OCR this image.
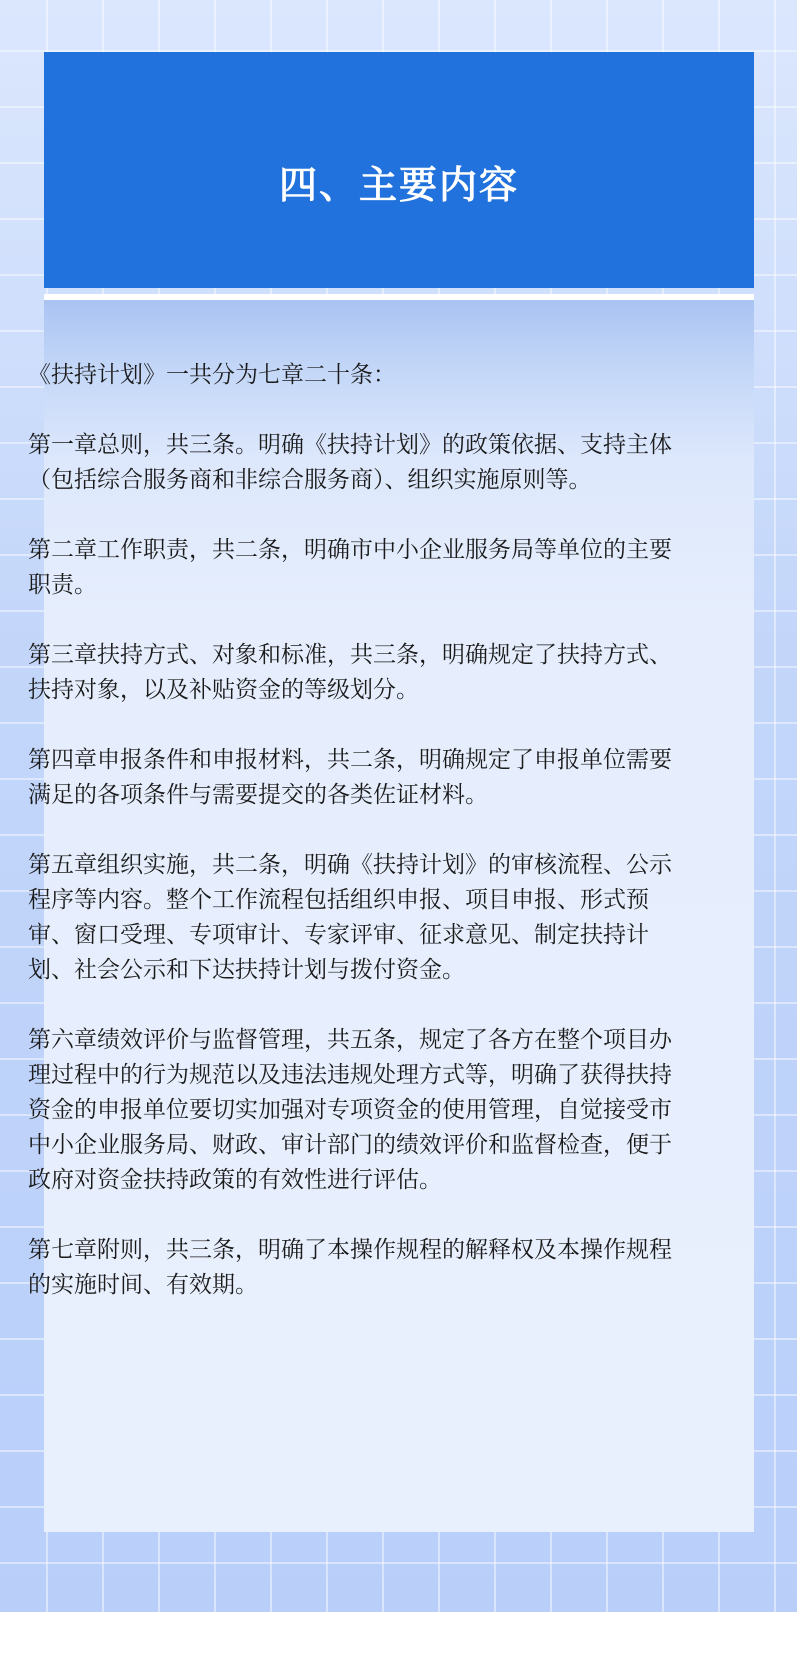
四、主要内容

《扶持计划》一共分为七章二十条：

第一章总则，共三条。明确《扶持计划》的政策依据、支持主体（包括综合服务商和非综合服务商）、组织实施原则等。

第二章工作职责，共二条，明确市中小企业服务局等单位的主要职责。

第三章扶持方式、对象和标准，共三条，明确规定了扶持方式、扶持对象，以及补贴资金的等级划分。

第四章申报条件和申报材料，共二条，明确规定了申报单位需要满足的各项条件与需要提交的各类佐证材料。

第五章组织实施，共二条，明确《扶持计划》的审核流程、公示程序等内容。整个工作流程包括组织申报、项目申报、形式预审、窗口受理、专项审计、专家评审、征求意见、制定扶持计划、社会公示和下达扶持计划与拨付资金。

第六章绩效评价与监督管理，共五条，规定了各方在整个项目办理过程中的行为规范以及违法违规处理方式等，明确了获得扶持资金的申报单位要切实加强对专项资金的使用管理，自觉接受市中小企业服务局、财政、审计部门的绩效评价和监督检查，便于政府对资金扶持政策的有效性进行评估。

第七章附则，共三条，明确了本操作规程的解释权及本操作规程的实施时间、有效期。
